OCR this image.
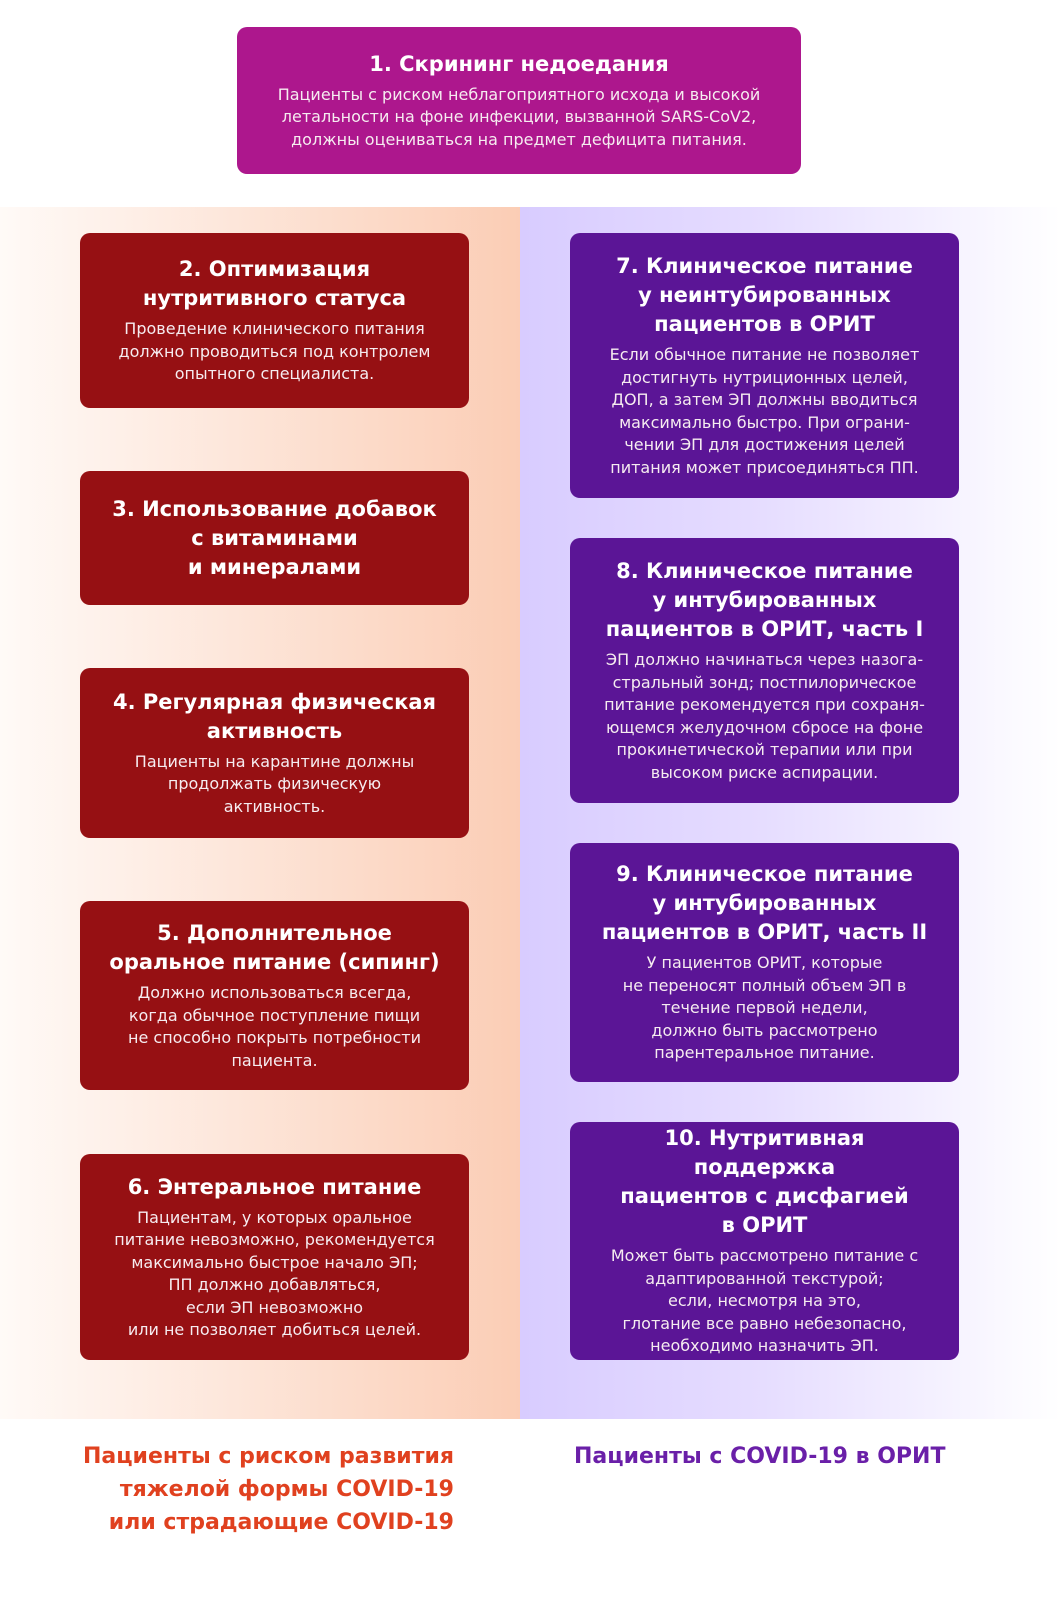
1. Скрининг недоедания
Пациенты с риском неблагоприятного исхода и высокой
летальности на фоне инфекции, вызванной SARS-CoV2,
должны оцениваться на предмет дефицита питания.
2. Оптимизация
нутритивного статуса
Проведение клинического питания
должно проводиться под контролем
опытного специалиста.
3. Использование добавок
с витаминами
и минералами
4. Регулярная физическая
активность
Пациенты на карантине должны
продолжать физическую
активность.
5. Дополнительное
оральное питание (сипинг)
Должно использоваться всегда,
когда обычное поступление пищи
не способно покрыть потребности
пациента.
6. Энтеральное питание
Пациентам, у которых оральное
питание невозможно, рекомендуется
максимально быстрое начало ЭП;
ПП должно добавляться,
если ЭП невозможно
или не позволяет добиться целей.
7. Клиническое питание
у неинтубированных
пациентов в ОРИТ
Если обычное питание не позволяет
достигнуть нутриционных целей,
ДОП, а затем ЭП должны вводиться
максимально быстро. При ограни-
чении ЭП для достижения целей
питания может присоединяться ПП.
8. Клиническое питание
у интубированных
пациентов в ОРИТ, часть I
ЭП должно начинаться через назога-
стральный зонд; постпилорическое
питание рекомендуется при сохраня-
ющемся желудочном сбросе на фоне
прокинетической терапии или при
высоком риске аспирации.
9. Клиническое питание
у интубированных
пациентов в ОРИТ, часть II
У пациентов ОРИТ, которые
не переносят полный объем ЭП в
течение первой недели,
должно быть рассмотрено
парентеральное питание.
10. Нутритивная поддержка
пациентов с дисфагией
в ОРИТ
Может быть рассмотрено питание с
адаптированной текстурой;
если, несмотря на это,
глотание все равно небезопасно,
необходимо назначить ЭП.
Пациенты с риском развития
тяжелой формы COVID-19
или страдающие COVID-19
Пациенты с COVID-19 в ОРИТ
